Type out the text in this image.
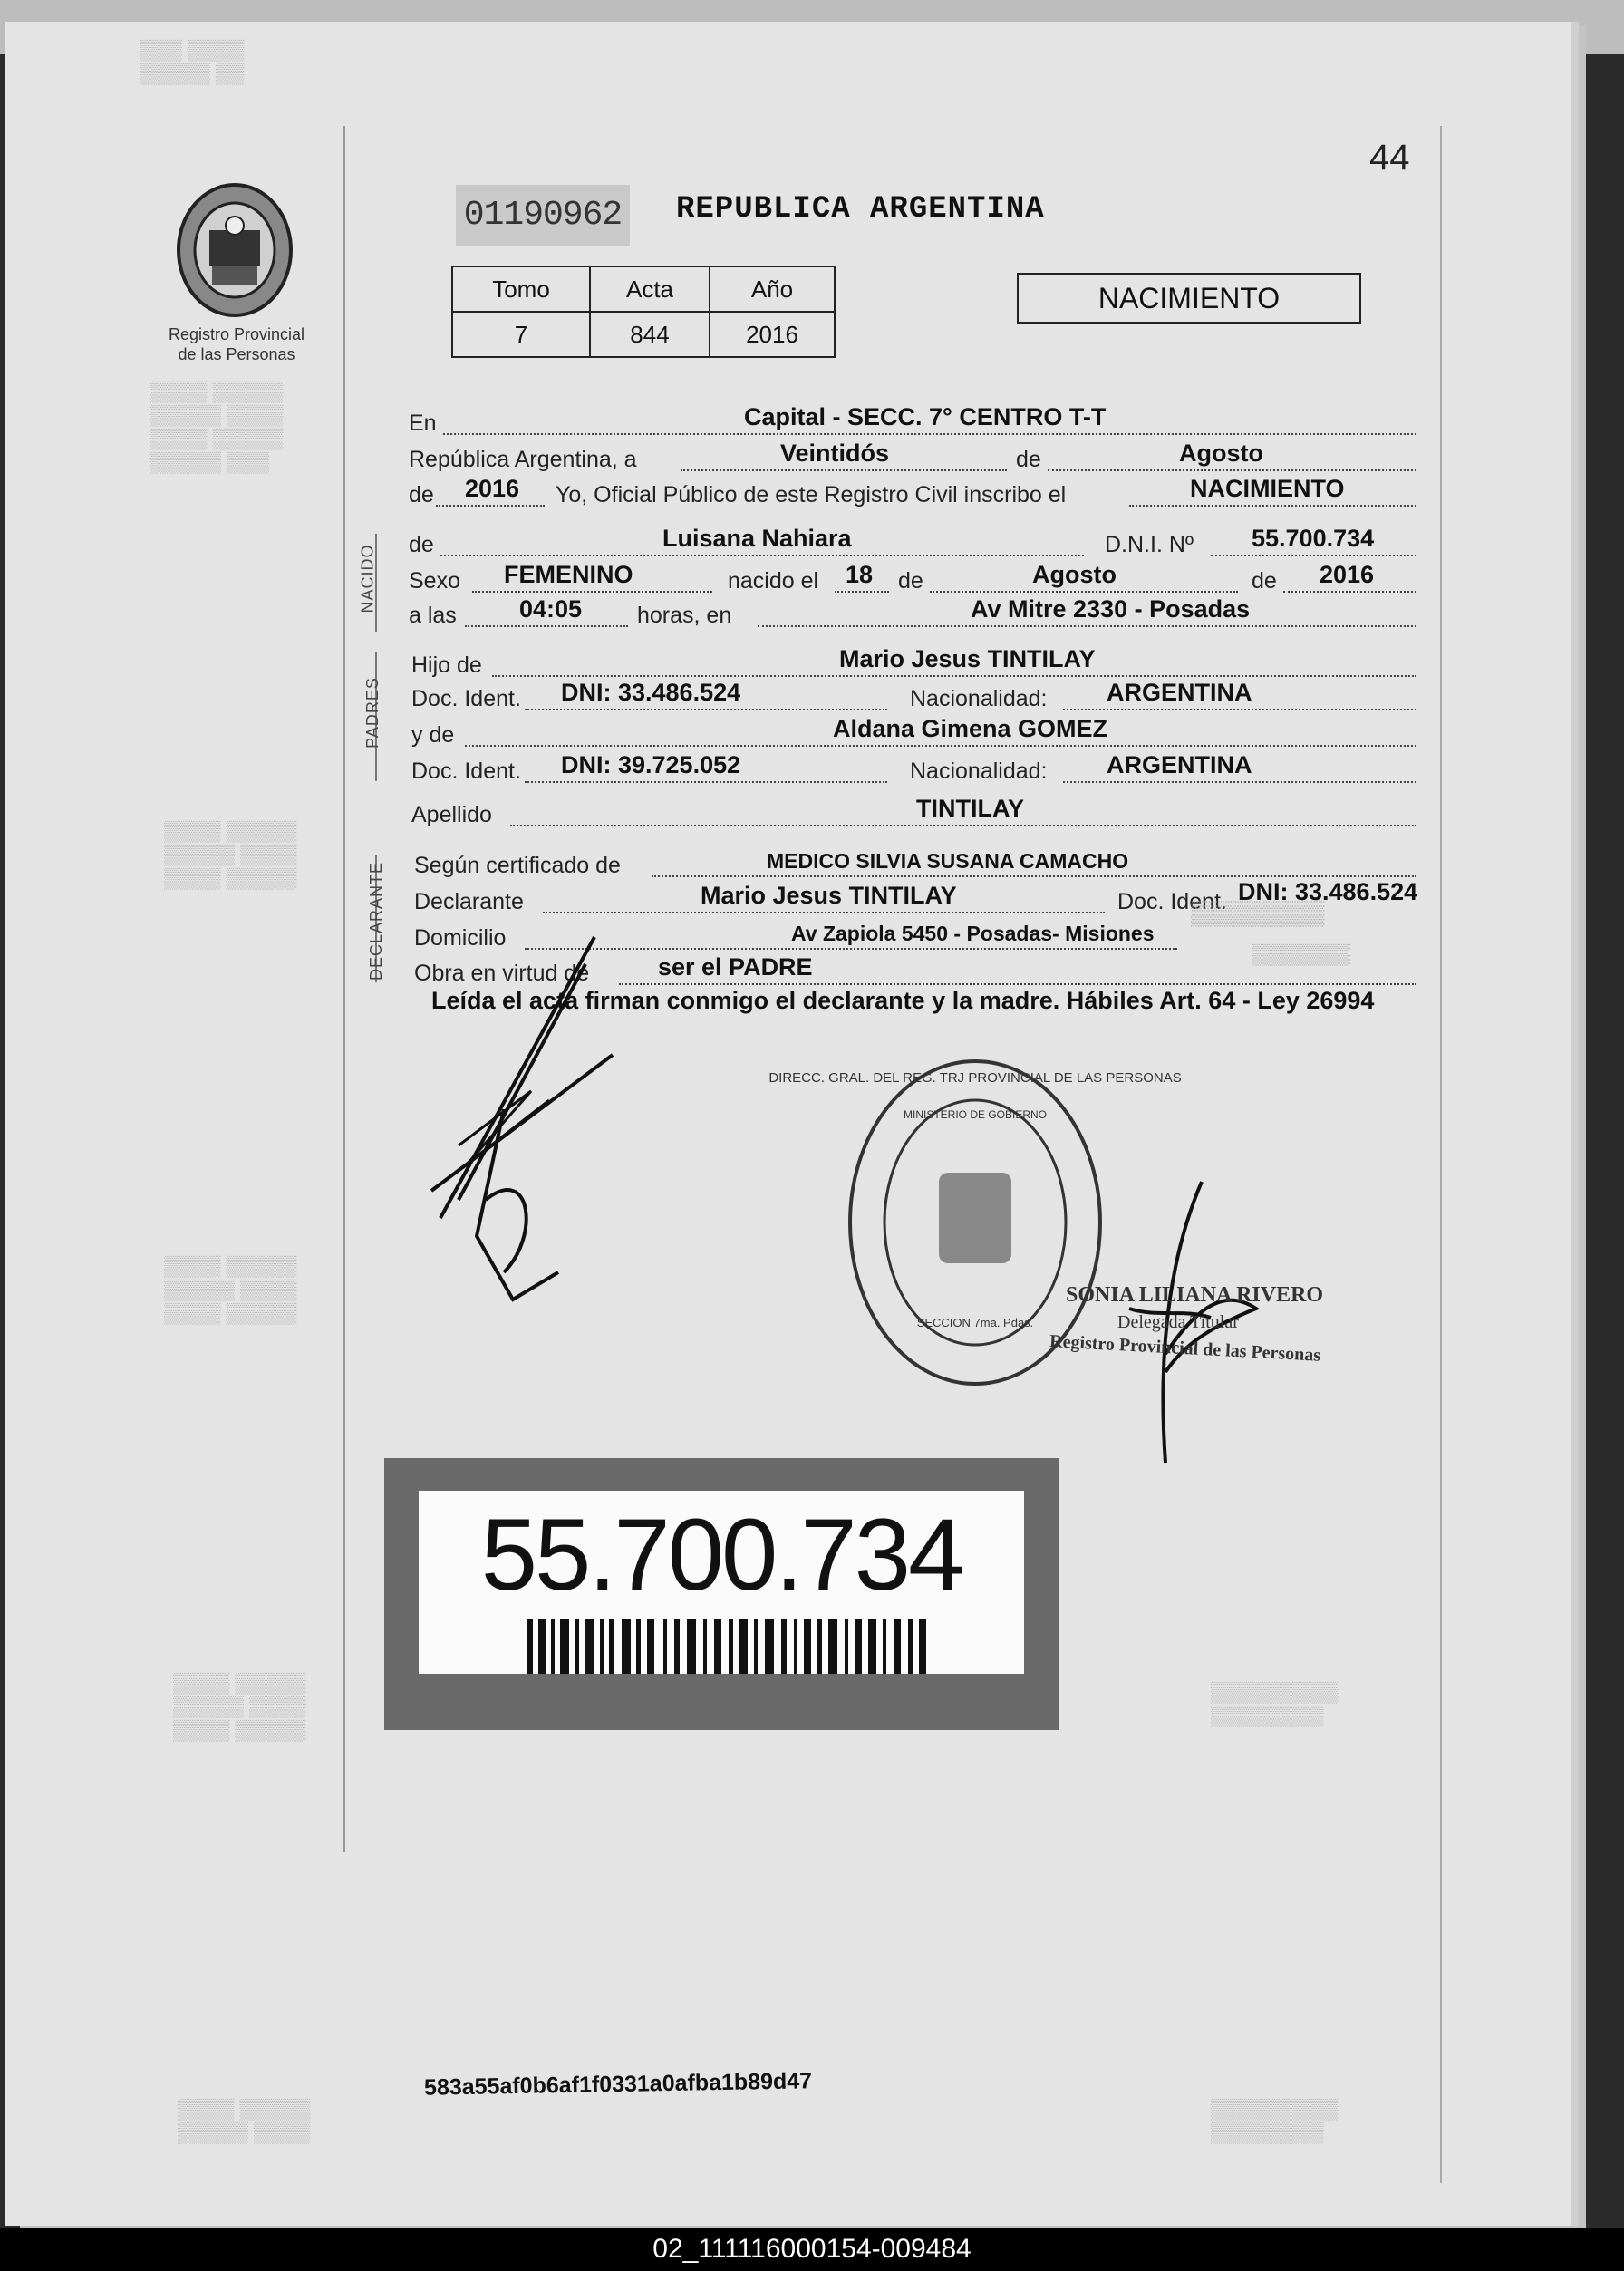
▒▒▒ ▒▒▒▒
▒▒▒▒▒ ▒▒
▒▒▒▒ ▒▒▒▒▒
▒▒▒▒▒ ▒▒▒▒
▒▒▒▒ ▒▒▒▒▒
▒▒▒▒▒ ▒▒▒
▒▒▒▒ ▒▒▒▒▒
▒▒▒▒▒ ▒▒▒▒
▒▒▒▒ ▒▒▒▒▒
▒▒▒▒ ▒▒▒▒▒
▒▒▒▒▒ ▒▒▒▒
▒▒▒▒ ▒▒▒▒▒
▒▒▒▒ ▒▒▒▒▒
▒▒▒▒▒ ▒▒▒▒
▒▒▒▒ ▒▒▒▒▒
▒▒▒▒ ▒▒▒▒▒
▒▒▒▒▒ ▒▒▒▒
▒▒▒▒▒▒▒▒▒
▒▒▒▒▒▒▒▒
▒▒▒▒▒▒▒▒▒
▒▒▒▒▒▒▒▒
44
Registro Provincial
de las Personas
01190962 REPUBLICA ARGENTINA
Tomo	Acta	Año
7	844	2016
NACIMIENTO
En	Capital - SECC. 7° CENTRO T-T
República Argentina, a	Veintidós	de	Agosto
de 2016 Yo, Oficial Público de este Registro Civil inscribo el	NACIMIENTO
NACIDO de	Luisana Nahiara	D.N.I. Nº 55.700.734
Sexo FEMENINO	nacido el 18 de	Agosto	de 2016
a las	04:05 horas, en	Av Mitre 2330 - Posadas
PADRES
Hijo de	Mario Jesus TINTILAY
Doc. Ident. DNI: 33.486.524	Nacionalidad: ARGENTINA
y de	Aldana Gimena GOMEZ
Doc. Ident. DNI: 39.725.052	Nacionalidad: ARGENTINA
Apellido	TINTILAY
DECLARANTE Según certificado de	MEDICO SILVIA SUSANA CAMACHO
Declarante	Mario Jesus TINTILAY	Doc. Ident. DNI: 33.486.524
Domicilio	Av Zapiola 5450 - Posadas- Misiones
Obra en virtud de	ser el PADRE
▒▒▒▒▒▒▒▒
▒▒▒▒▒▒▒
Leída el acta firman conmigo el declarante y la madre. Hábiles Art. 64 - Ley 26994
DIRECC. GRAL. DEL REG. TRJ PROVINCIAL DE LAS PERSONAS
MINISTERIO DE GOBIERNO
SECCION 7ma. Pdas.
SONIA LILIANA RIVERO
Delegada Titular
Registro Provincial de las Personas
55.700.734
583a55af0b6af1f0331a0afba1b89d47
02_111116000154-009484
